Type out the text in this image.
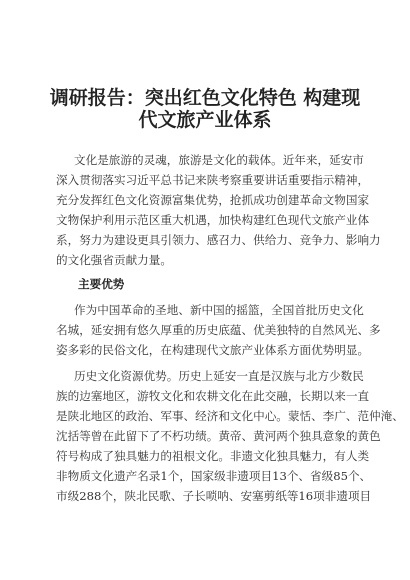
调研报告：突出红色文化特色 构建现
代文旅产业体系
文化是旅游的灵魂，旅游是文化的载体。近年来，延安市
深入贯彻落实习近平总书记来陕考察重要讲话重要指示精神，
充分发挥红色文化资源富集优势，抢抓成功创建革命文物国家
文物保护利用示范区重大机遇，加快构建红色现代文旅产业体
系，努力为建设更具引领力、感召力、供给力、竞争力、影响力
的文化强省贡献力量。
主要优势
作为中国革命的圣地、新中国的摇篮，全国首批历史文化
名城，延安拥有悠久厚重的历史底蕴、优美独特的自然风光、多
姿多彩的民俗文化，在构建现代文旅产业体系方面优势明显。
历史文化资源优势。历史上延安一直是汉族与北方少数民
族的边塞地区，游牧文化和农耕文化在此交融，长期以来一直
是陕北地区的政治、军事、经济和文化中心。蒙恬、李广、范仲淹、
沈括等曾在此留下了不朽功绩。黄帝、黄河两个独具意象的黄色
符号构成了独具魅力的祖根文化。非遗文化独具魅力，有人类
非物质文化遗产名录1个，国家级非遗项目13个、省级85个、
市级288个，陕北民歌、子长唢呐、安塞剪纸等16项非遗项目
